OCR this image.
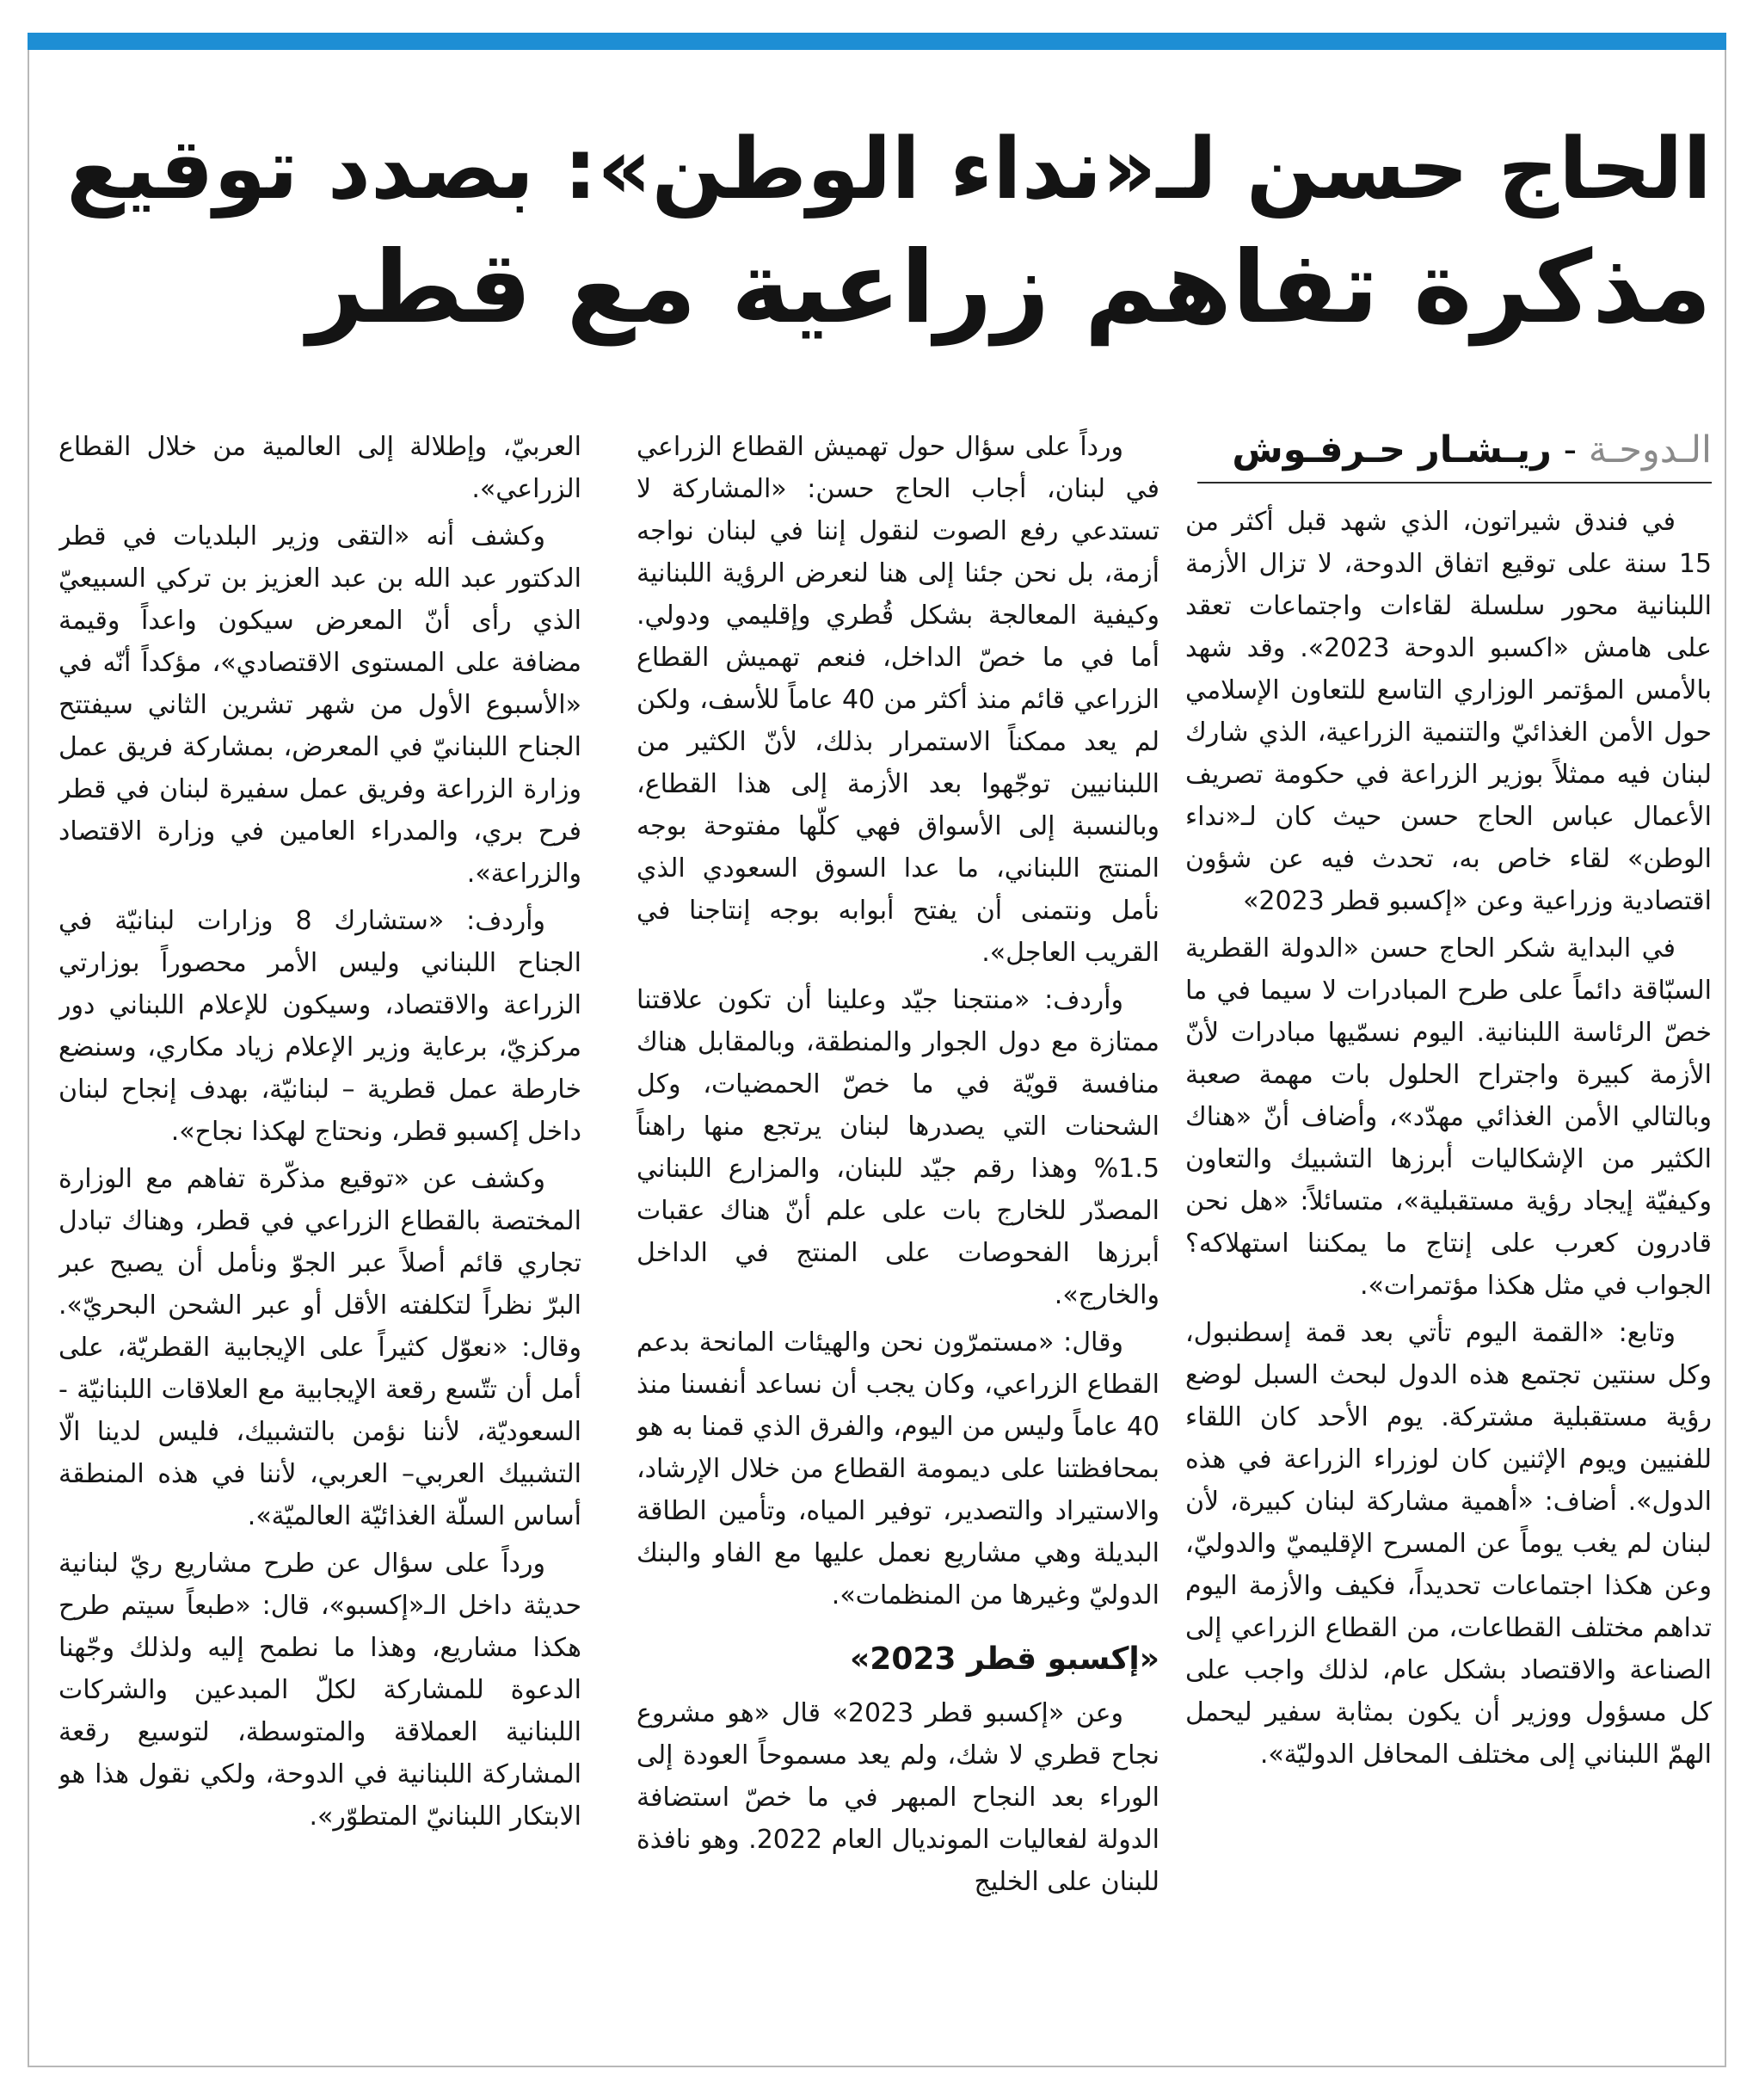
الحاج حسن لـ«نداء الوطن»: بصدد توقيع
مذكرة تفاهم زراعية مع قطر
الـدوحـة - ريـشـار حـرفـوش

في فندق شيراتون، الذي شهد قبل أكثر من 15 سنة على توقيع اتفاق الدوحة، لا تزال الأزمة اللبنانية محور سلسلة لقاءات واجتماعات تعقد على هامش «اكسبو الدوحة 2023». وقد شهد بالأمس المؤتمر الوزاري التاسع للتعاون الإسلامي حول الأمن الغذائيّ والتنمية الزراعية، الذي شارك لبنان فيه ممثلاً بوزير الزراعة في حكومة تصريف الأعمال عباس الحاج حسن حيث كان لـ«نداء الوطن» لقاء خاص به، تحدث فيه عن شؤون اقتصادية وزراعية وعن «إكسبو قطر 2023»

في البداية شكر الحاج حسن «الدولة القطرية السبّاقة دائماً على طرح المبادرات لا سيما في ما خصّ الرئاسة اللبنانية. اليوم نسمّيها مبادرات لأنّ الأزمة كبيرة واجتراح الحلول بات مهمة صعبة وبالتالي الأمن الغذائي مهدّد»، وأضاف أنّ «هناك الكثير من الإشكاليات أبرزها التشبيك والتعاون وكيفيّة إيجاد رؤية مستقبلية»، متسائلاً: «هل نحن قادرون كعرب على إنتاج ما يمكننا استهلاكه؟ الجواب في مثل هكذا مؤتمرات».

وتابع: «القمة اليوم تأتي بعد قمة إسطنبول، وكل سنتين تجتمع هذه الدول لبحث السبل لوضع رؤية مستقبلية مشتركة. يوم الأحد كان اللقاء للفنيين ويوم الإثنين كان لوزراء الزراعة في هذه الدول». أضاف: «أهمية مشاركة لبنان كبيرة، لأن لبنان لم يغب يوماً عن المسرح الإقليميّ والدوليّ، وعن هكذا اجتماعات تحديداً، فكيف والأزمة اليوم تداهم مختلف القطاعات، من القطاع الزراعي إلى الصناعة والاقتصاد بشكل عام، لذلك واجب على كل مسؤول ووزير أن يكون بمثابة سفير ليحمل الهمّ اللبناني إلى مختلف المحافل الدوليّة».

ورداً على سؤال حول تهميش القطاع الزراعي في لبنان، أجاب الحاج حسن: «المشاركة لا تستدعي رفع الصوت لنقول إننا في لبنان نواجه أزمة، بل نحن جئنا إلى هنا لنعرض الرؤية اللبنانية وكيفية المعالجة بشكل قُطري وإقليمي ودولي. أما في ما خصّ الداخل، فنعم تهميش القطاع الزراعي قائم منذ أكثر من 40 عاماً للأسف، ولكن لم يعد ممكناً الاستمرار بذلك، لأنّ الكثير من اللبنانيين توجّهوا بعد الأزمة إلى هذا القطاع، وبالنسبة إلى الأسواق فهي كلّها مفتوحة بوجه المنتج اللبناني، ما عدا السوق السعودي الذي نأمل ونتمنى أن يفتح أبوابه بوجه إنتاجنا في القريب العاجل».

وأردف: «منتجنا جيّد وعلينا أن تكون علاقتنا ممتازة مع دول الجوار والمنطقة، وبالمقابل هناك منافسة قويّة في ما خصّ الحمضيات، وكل الشحنات التي يصدرها لبنان يرتجع منها راهناً 1.5% وهذا رقم جيّد للبنان، والمزارع اللبناني المصدّر للخارج بات على علم أنّ هناك عقبات أبرزها الفحوصات على المنتج في الداخل والخارج».

وقال: «مستمرّون نحن والهيئات المانحة بدعم القطاع الزراعي، وكان يجب أن نساعد أنفسنا منذ 40 عاماً وليس من اليوم، والفرق الذي قمنا به هو بمحافظتنا على ديمومة القطاع من خلال الإرشاد، والاستيراد والتصدير، توفير المياه، وتأمين الطاقة البديلة وهي مشاريع نعمل عليها مع الفاو والبنك الدوليّ وغيرها من المنظمات».

«إكسبو قطر 2023»

وعن «إكسبو قطر 2023» قال «هو مشروع نجاح قطري لا شك، ولم يعد مسموحاً العودة إلى الوراء بعد النجاح المبهر في ما خصّ استضافة الدولة لفعاليات المونديال العام 2022. وهو نافذة للبنان على الخليج

العربيّ، وإطلالة إلى العالمية من خلال القطاع الزراعي».

وكشف أنه «التقى وزير البلديات في قطر الدكتور عبد الله بن عبد العزيز بن تركي السبيعيّ الذي رأى أنّ المعرض سيكون واعداً وقيمة مضافة على المستوى الاقتصادي»، مؤكداً أنّه في «الأسبوع الأول من شهر تشرين الثاني سيفتتح الجناح اللبنانيّ في المعرض، بمشاركة فريق عمل وزارة الزراعة وفريق عمل سفيرة لبنان في قطر فرح بري، والمدراء العامين في وزارة الاقتصاد والزراعة».

وأردف: «ستشارك 8 وزارات لبنانيّة في الجناح اللبناني وليس الأمر محصوراً بوزارتي الزراعة والاقتصاد، وسيكون للإعلام اللبناني دور مركزيّ، برعاية وزير الإعلام زياد مكاري، وسنضع خارطة عمل قطرية – لبنانيّة، بهدف إنجاح لبنان داخل إكسبو قطر، ونحتاج لهكذا نجاح».

وكشف عن «توقيع مذكّرة تفاهم مع الوزارة المختصة بالقطاع الزراعي في قطر، وهناك تبادل تجاري قائم أصلاً عبر الجوّ ونأمل أن يصبح عبر البرّ نظراً لتكلفته الأقل أو عبر الشحن البحريّ». وقال: «نعوّل كثيراً على الإيجابية القطريّة، على أمل أن تتّسع رقعة الإيجابية مع العلاقات اللبنانيّة - السعوديّة، لأننا نؤمن بالتشبيك، فليس لدينا الّا التشبيك العربي– العربي، لأننا في هذه المنطقة أساس السلّة الغذائيّة العالميّة».

ورداً على سؤال عن طرح مشاريع ريّ لبنانية حديثة داخل الـ«إكسبو»، قال: «طبعاً سيتم طرح هكذا مشاريع، وهذا ما نطمح إليه ولذلك وجّهنا الدعوة للمشاركة لكلّ المبدعين والشركات اللبنانية العملاقة والمتوسطة، لتوسيع رقعة المشاركة اللبنانية في الدوحة، ولكي نقول هذا هو الابتكار اللبنانيّ المتطوّر».
